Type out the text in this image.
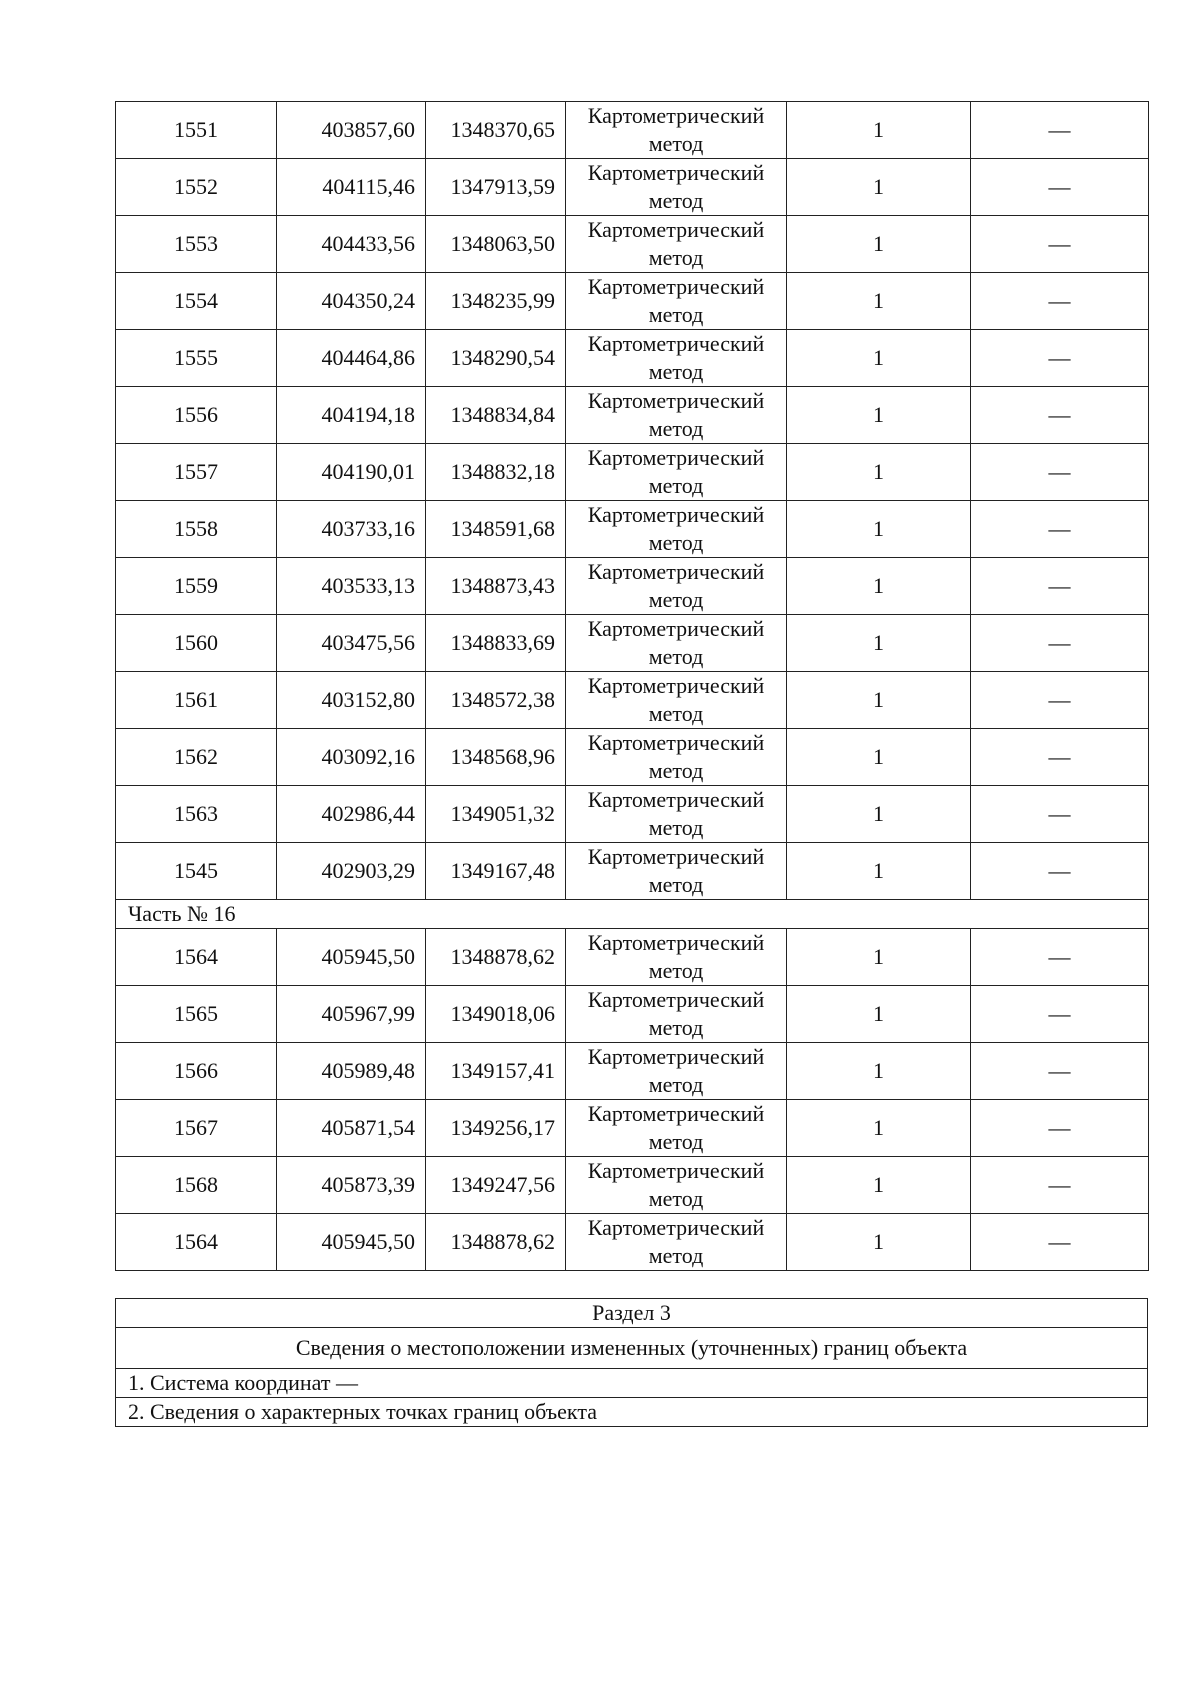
1551	403857,60	1348370,65	Картометрический метод	1	—
1552	404115,46	1347913,59	Картометрический метод	1	—
1553	404433,56	1348063,50	Картометрический метод	1	—
1554	404350,24	1348235,99	Картометрический метод	1	—
1555	404464,86	1348290,54	Картометрический метод	1	—
1556	404194,18	1348834,84	Картометрический метод	1	—
1557	404190,01	1348832,18	Картометрический метод	1	—
1558	403733,16	1348591,68	Картометрический метод	1	—
1559	403533,13	1348873,43	Картометрический метод	1	—
1560	403475,56	1348833,69	Картометрический метод	1	—
1561	403152,80	1348572,38	Картометрический метод	1	—
1562	403092,16	1348568,96	Картометрический метод	1	—
1563	402986,44	1349051,32	Картометрический метод	1	—
1545	402903,29	1349167,48	Картометрический метод	1	—
Часть № 16					
1564	405945,50	1348878,62	Картометрический метод	1	—
1565	405967,99	1349018,06	Картометрический метод	1	—
1566	405989,48	1349157,41	Картометрический метод	1	—
1567	405871,54	1349256,17	Картометрический метод	1	—
1568	405873,39	1349247,56	Картометрический метод	1	—
1564	405945,50	1348878,62	Картометрический метод	1	—
Раздел 3
Сведения о местоположении измененных (уточненных) границ объекта
1. Система координат —
2. Сведения о характерных точках границ объекта
